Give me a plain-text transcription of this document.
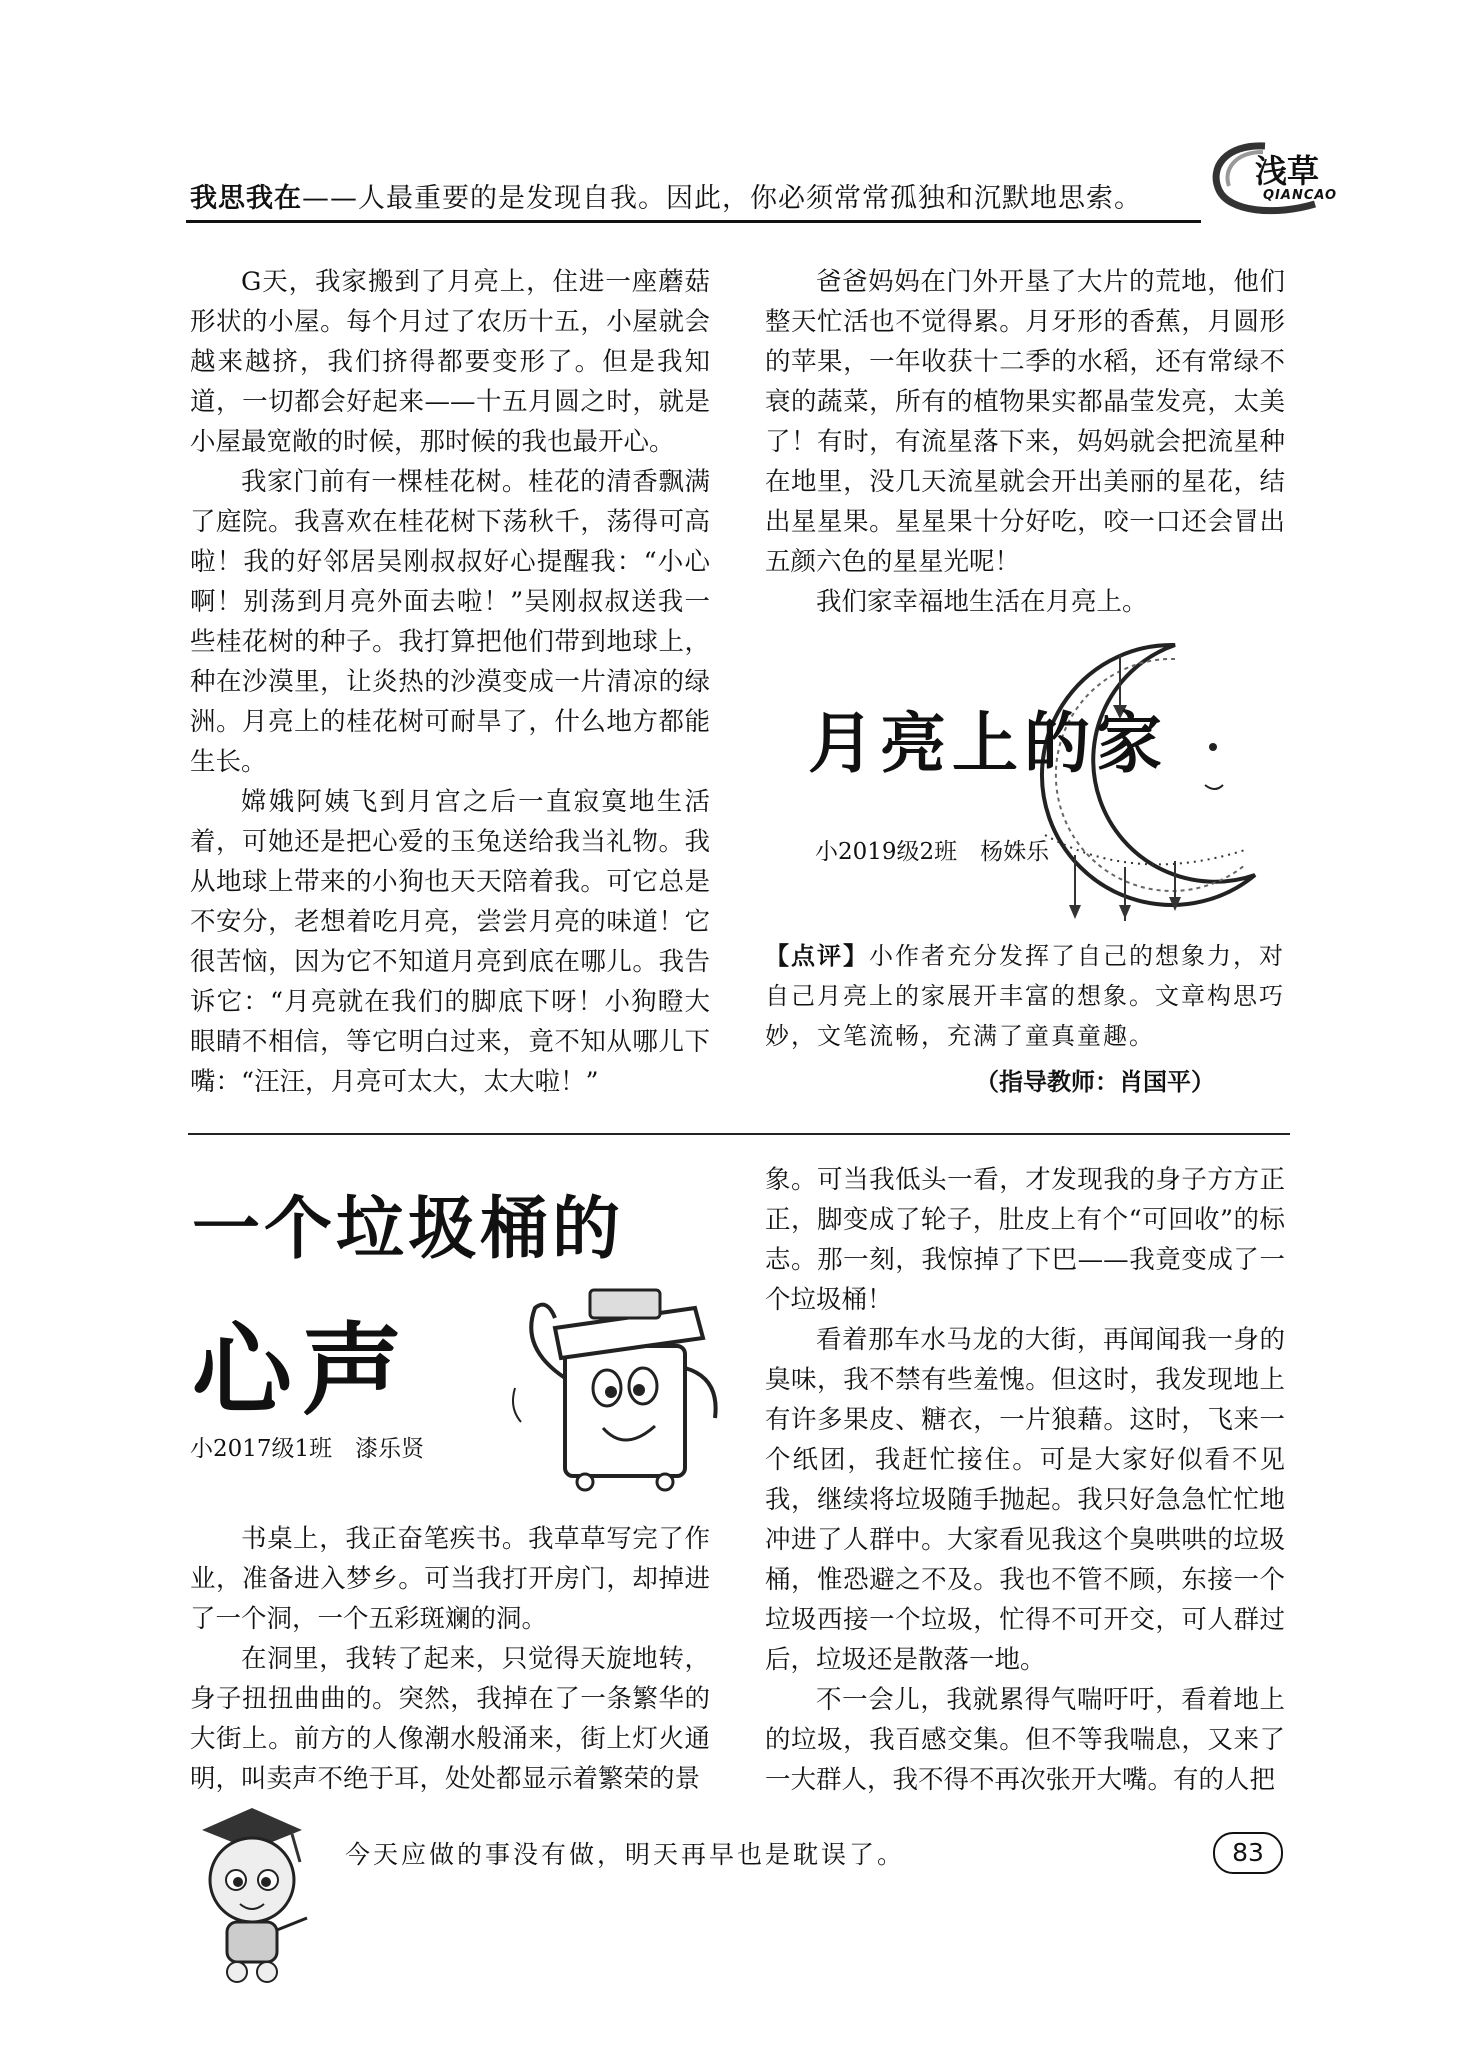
我思我在——人最重要的是发现自我。因此，你必须常常孤独和沉默地思索。
浅草
QIANCAO

G天，我家搬到了月亮上，住进一座蘑菇形状的小屋。每个月过了农历十五，小屋就会越来越挤，我们挤得都要变形了。但是我知道，一切都会好起来——十五月圆之时，就是小屋最宽敞的时候，那时候的我也最开心。

我家门前有一棵桂花树。桂花的清香飘满了庭院。我喜欢在桂花树下荡秋千，荡得可高啦！我的好邻居吴刚叔叔好心提醒我：“小心啊！别荡到月亮外面去啦！”吴刚叔叔送我一些桂花树的种子。我打算把他们带到地球上，种在沙漠里，让炎热的沙漠变成一片清凉的绿洲。月亮上的桂花树可耐旱了，什么地方都能生长。

嫦娥阿姨飞到月宫之后一直寂寞地生活着，可她还是把心爱的玉兔送给我当礼物。我从地球上带来的小狗也天天陪着我。可它总是不安分，老想着吃月亮，尝尝月亮的味道！它很苦恼，因为它不知道月亮到底在哪儿。我告诉它：“月亮就在我们的脚底下呀！小狗瞪大眼睛不相信，等它明白过来，竟不知从哪儿下嘴：“汪汪，月亮可太大，太大啦！”

爸爸妈妈在门外开垦了大片的荒地，他们整天忙活也不觉得累。月牙形的香蕉，月圆形的苹果，一年收获十二季的水稻，还有常绿不衰的蔬菜，所有的植物果实都晶莹发亮，太美了！有时，有流星落下来，妈妈就会把流星种在地里，没几天流星就会开出美丽的星花，结出星星果。星星果十分好吃，咬一口还会冒出五颜六色的星星光呢！

我们家幸福地生活在月亮上。

月亮上的家
小2019级2班　杨姝乐
【点评】小作者充分发挥了自己的想象力，对自己月亮上的家展开丰富的想象。文章构思巧妙，文笔流畅，充满了童真童趣。
（指导教师：肖国平）
一个垃圾桶的
心声
小2017级1班　漆乐贤

书桌上，我正奋笔疾书。我草草写完了作业，准备进入梦乡。可当我打开房门，却掉进了一个洞，一个五彩斑斓的洞。

在洞里，我转了起来，只觉得天旋地转，身子扭扭曲曲的。突然，我掉在了一条繁华的大街上。前方的人像潮水般涌来，街上灯火通明，叫卖声不绝于耳，处处都显示着繁荣的景

象。可当我低头一看，才发现我的身子方方正正，脚变成了轮子，肚皮上有个“可回收”的标志。那一刻，我惊掉了下巴——我竟变成了一个垃圾桶！

看着那车水马龙的大街，再闻闻我一身的臭味，我不禁有些羞愧。但这时，我发现地上有许多果皮、糖衣，一片狼藉。这时，飞来一个纸团，我赶忙接住。可是大家好似看不见我，继续将垃圾随手抛起。我只好急急忙忙地冲进了人群中。大家看见我这个臭哄哄的垃圾桶，惟恐避之不及。我也不管不顾，东接一个垃圾西接一个垃圾，忙得不可开交，可人群过后，垃圾还是散落一地。

不一会儿，我就累得气喘吁吁，看着地上的垃圾，我百感交集。但不等我喘息，又来了一大群人，我不得不再次张开大嘴。有的人把

今天应做的事没有做，明天再早也是耽误了。	83
